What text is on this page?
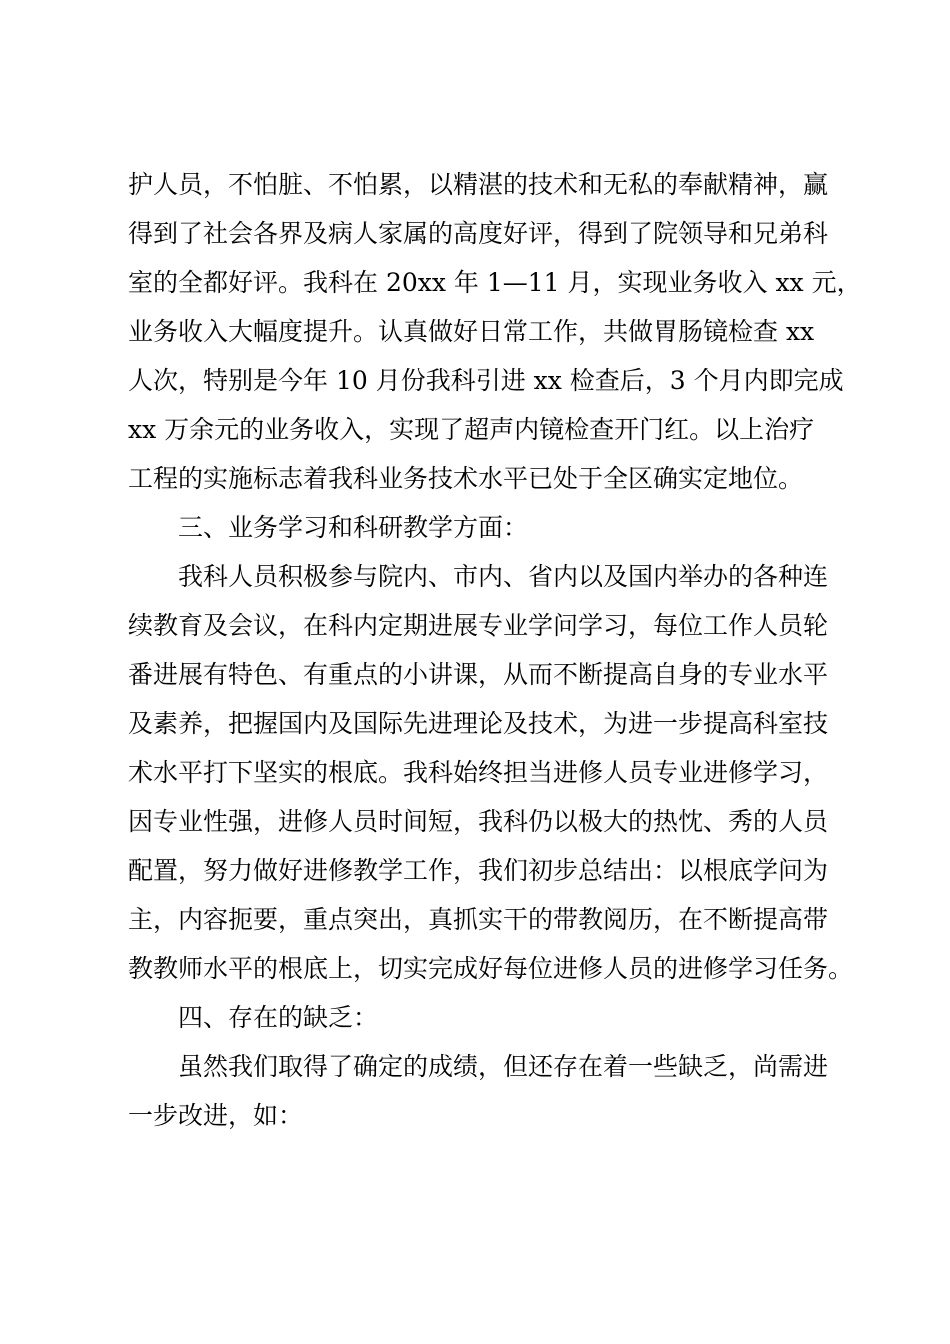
护人员，不怕脏、不怕累，以精湛的技术和无私的奉献精神，赢
得到了社会各界及病人家属的高度好评，得到了院领导和兄弟科
室的全都好评。我科在 20xx 年 1—11 月，实现业务收入 xx 元，
业务收入大幅度提升。认真做好日常工作，共做胃肠镜检查 xx
人次，特别是今年 10 月份我科引进 xx 检查后，3 个月内即完成
xx 万余元的业务收入，实现了超声内镜检查开门红。以上治疗
工程的实施标志着我科业务技术水平已处于全区确实定地位。
三、业务学习和科研教学方面：
我科人员积极参与院内、市内、省内以及国内举办的各种连
续教育及会议，在科内定期进展专业学问学习，每位工作人员轮
番进展有特色、有重点的小讲课，从而不断提高自身的专业水平
及素养，把握国内及国际先进理论及技术，为进一步提高科室技
术水平打下坚实的根底。我科始终担当进修人员专业进修学习，
因专业性强，进修人员时间短，我科仍以极大的热忱、秀的人员
配置，努力做好进修教学工作，我们初步总结出：以根底学问为
主，内容扼要，重点突出，真抓实干的带教阅历，在不断提高带
教教师水平的根底上，切实完成好每位进修人员的进修学习任务。
四、存在的缺乏：
虽然我们取得了确定的成绩，但还存在着一些缺乏，尚需进
一步改进，如：
